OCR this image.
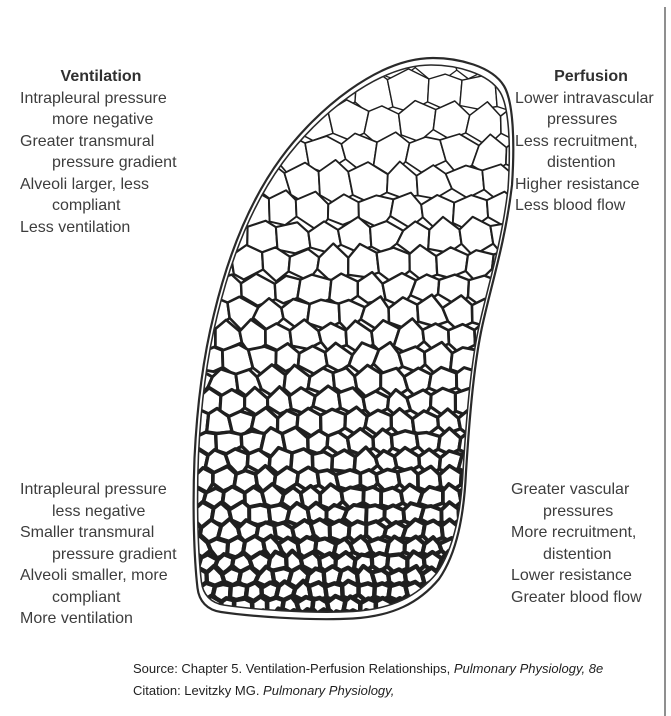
Ventilation
Intrapleural pressure
more negative
Greater transmural
pressure gradient
Alveoli larger, less
compliant
Less ventilation
Perfusion
Lower intravascular
pressures
Less recruitment,
distention
Higher resistance
Less blood flow
Intrapleural pressure
less negative
Smaller transmural
pressure gradient
Alveoli smaller, more
compliant
More ventilation
Greater vascular
pressures
More recruitment,
distention
Lower resistance
Greater blood flow
Source: Chapter 5. Ventilation-Perfusion Relationships, Pulmonary Physiology, 8e
Citation: Levitzky MG. Pulmonary Physiology,
